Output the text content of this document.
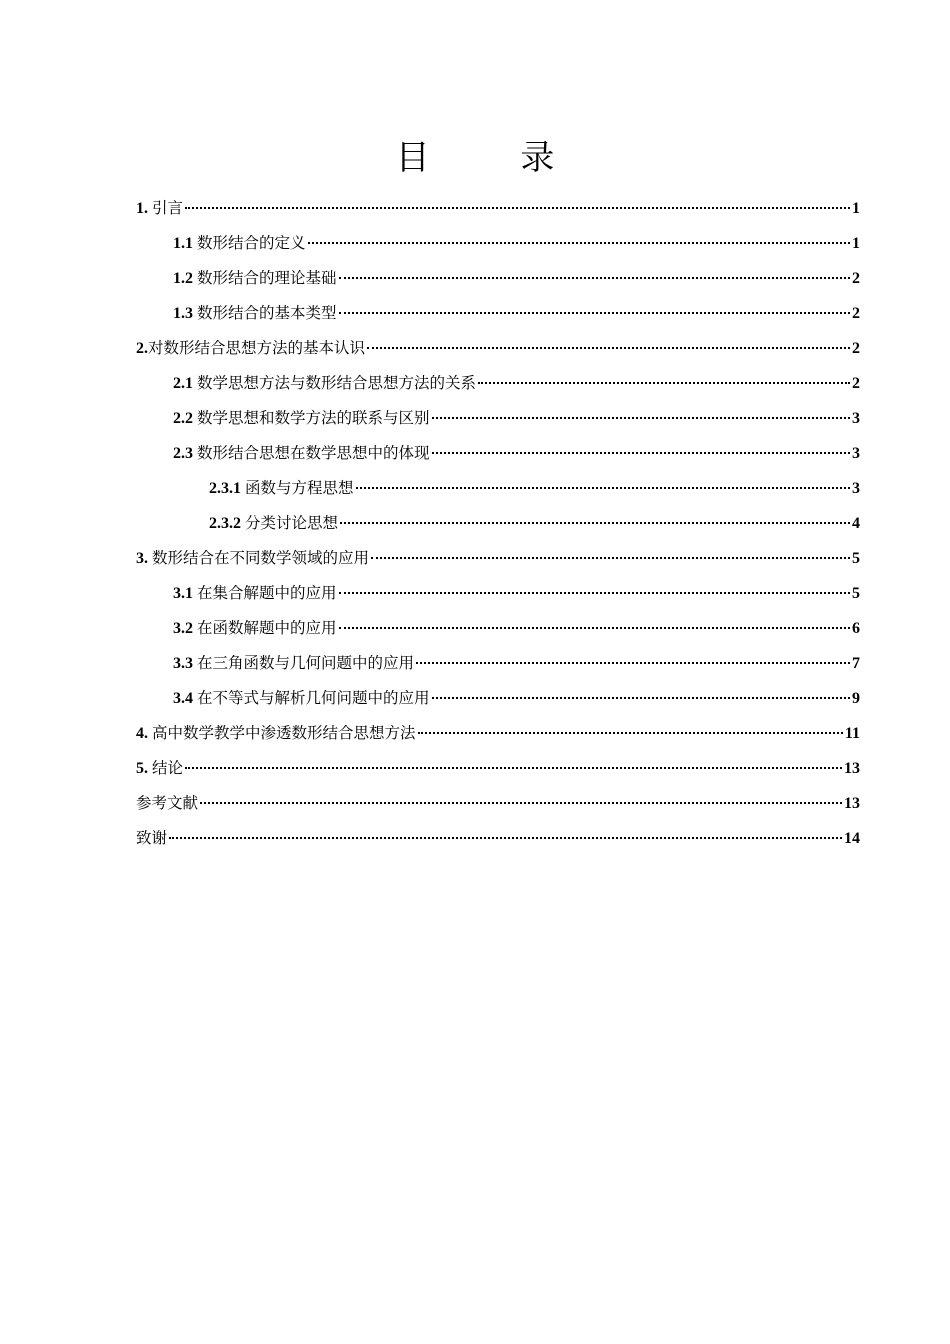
目 录
1. 引言	1
1.1 数形结合的定义	1
1.2 数形结合的理论基础	2
1.3 数形结合的基本类型	2
2.对数形结合思想方法的基本认识	2
2.1 数学思想方法与数形结合思想方法的关系	2
2.2 数学思想和数学方法的联系与区别	3
2.3 数形结合思想在数学思想中的体现	3
2.3.1 函数与方程思想	3
2.3.2 分类讨论思想	4
3. 数形结合在不同数学领域的应用	5
3.1 在集合解题中的应用	5
3.2 在函数解题中的应用	6
3.3 在三角函数与几何问题中的应用	7
3.4 在不等式与解析几何问题中的应用	9
4. 高中数学教学中渗透数形结合思想方法	11
5. 结论	13
参考文献	13
致谢	14
